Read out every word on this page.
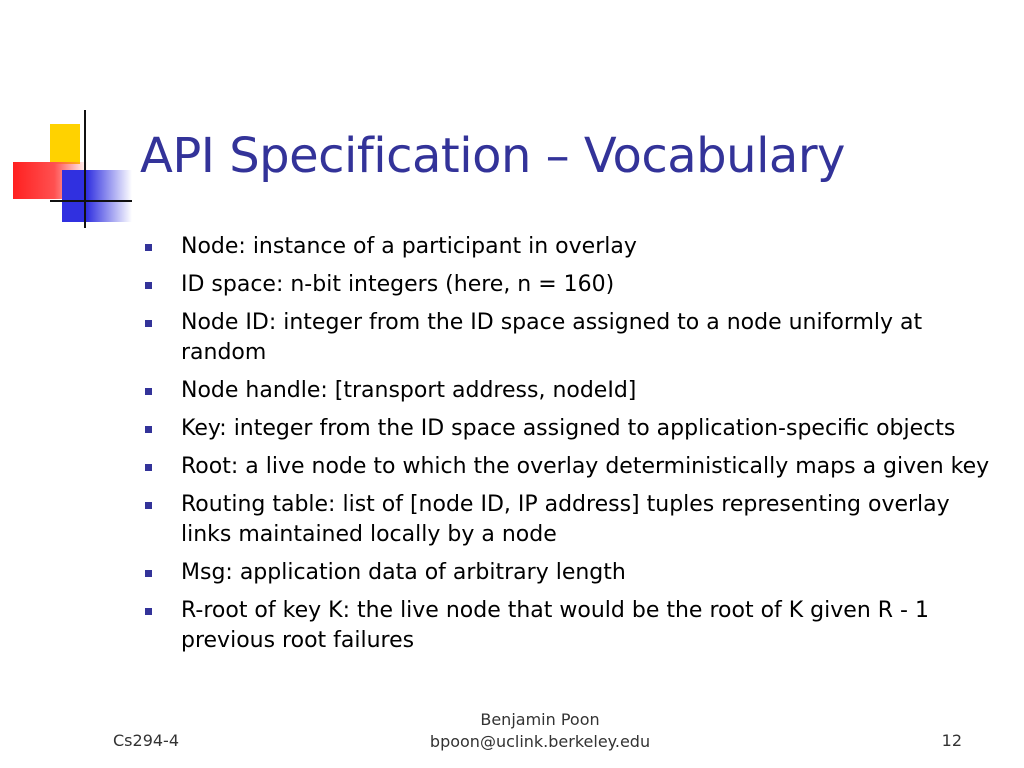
API Specification – Vocabulary
Node: instance of a participant in overlay
ID space: n-bit integers (here, n = 160)
Node ID: integer from the ID space assigned to a node uniformly at random
Node handle: [transport address, nodeId]
Key: integer from the ID space assigned to application-specific objects
Root: a live node to which the overlay deterministically maps a given key
Routing table: list of [node ID, IP address] tuples representing overlay links maintained locally by a node
Msg: application data of arbitrary length
R-root of key K: the live node that would be the root of K given R - 1 previous root failures
Cs294-4
Benjamin Poon
bpoon@uclink.berkeley.edu	12
